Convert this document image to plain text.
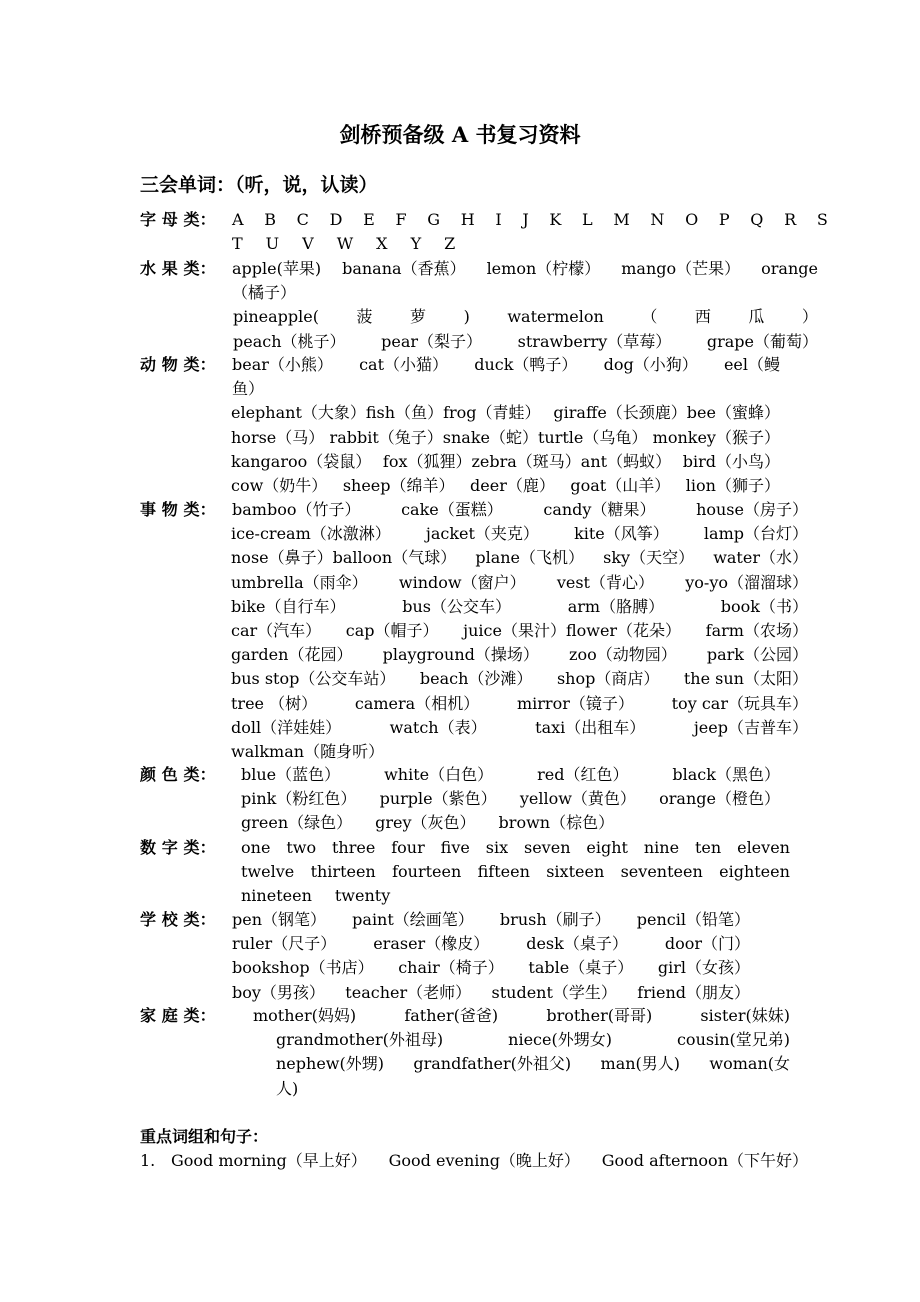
剑桥预备级 A 书复习资料
三会单词：（听，说，认读）
字 母 类： A B C D E F G H I J K L M N O P Q R S
T U V W X Y Z
水 果 类： apple(苹果) banana（香蕉） lemon（柠檬） mango（芒果） orange
（橘子）
pineapple( 菠 萝 ) watermelon （ 西 瓜 ）
peach（桃子） pear（梨子） strawberry（草莓） grape（葡萄）
动 物 类： bear（小熊） cat（小猫） duck（鸭子） dog（小狗） eel（鳗
鱼）
elephant（大象）fish（鱼）frog（青蛙） giraffe（长颈鹿）bee（蜜蜂）
horse（马） rabbit（兔子）snake（蛇）turtle（乌龟） monkey（猴子）
kangaroo（袋鼠） fox（狐狸）zebra（斑马）ant（蚂蚁） bird（小鸟）
cow（奶牛） sheep（绵羊） deer（鹿） goat（山羊） lion（狮子）
事 物 类： bamboo（竹子）	cake（蛋糕）	candy（糖果）	house（房子）
ice-cream（冰激淋） jacket（夹克） kite（风筝） lamp（台灯）
nose（鼻子）balloon（气球） plane（飞机） sky（天空） water（水）
umbrella（雨伞） window（窗户） vest（背心） yo-yo（溜溜球）
bike（自行车）	bus（公交车）	arm（胳膊）	book（书）
car（汽车） cap（帽子） juice（果汁）flower（花朵） farm（农场）
garden（花园） playground（操场） zoo（动物园） park（公园）
bus stop（公交车站） beach（沙滩） shop（商店） the sun（太阳）
tree （树） camera（相机） mirror（镜子） toy car（玩具车）
doll（洋娃娃）	watch（表）	taxi（出租车）	jeep（吉普车）
walkman（随身听）
颜 色 类： blue（蓝色）	white（白色）	red（红色）	black（黑色）
pink（粉红色） purple（紫色） yellow（黄色） orange（橙色）
green（绿色） grey（灰色） brown（棕色）
数 字 类： one two three four five six seven eight nine ten eleven
twelve thirteen fourteen fifteen sixteen seventeen eighteen
nineteen twenty
学 校 类： pen（钢笔） paint（绘画笔） brush（刷子） pencil（铅笔）
ruler（尺子） eraser（橡皮） desk（桌子） door（门）
bookshop（书店） chair（椅子） table（桌子） girl（女孩）
boy（男孩） teacher（老师） student（学生） friend（朋友）
家 庭 类： mother(妈妈)	father(爸爸)	brother(哥哥)	sister(妹妹)
grandmother(外祖母)	niece(外甥女)	cousin(堂兄弟)
nephew(外甥) grandfather(外祖父) man(男人) woman(女
人)
重点词组和句子：
1. Good morning（早上好） Good evening（晚上好） Good afternoon（下午好）
